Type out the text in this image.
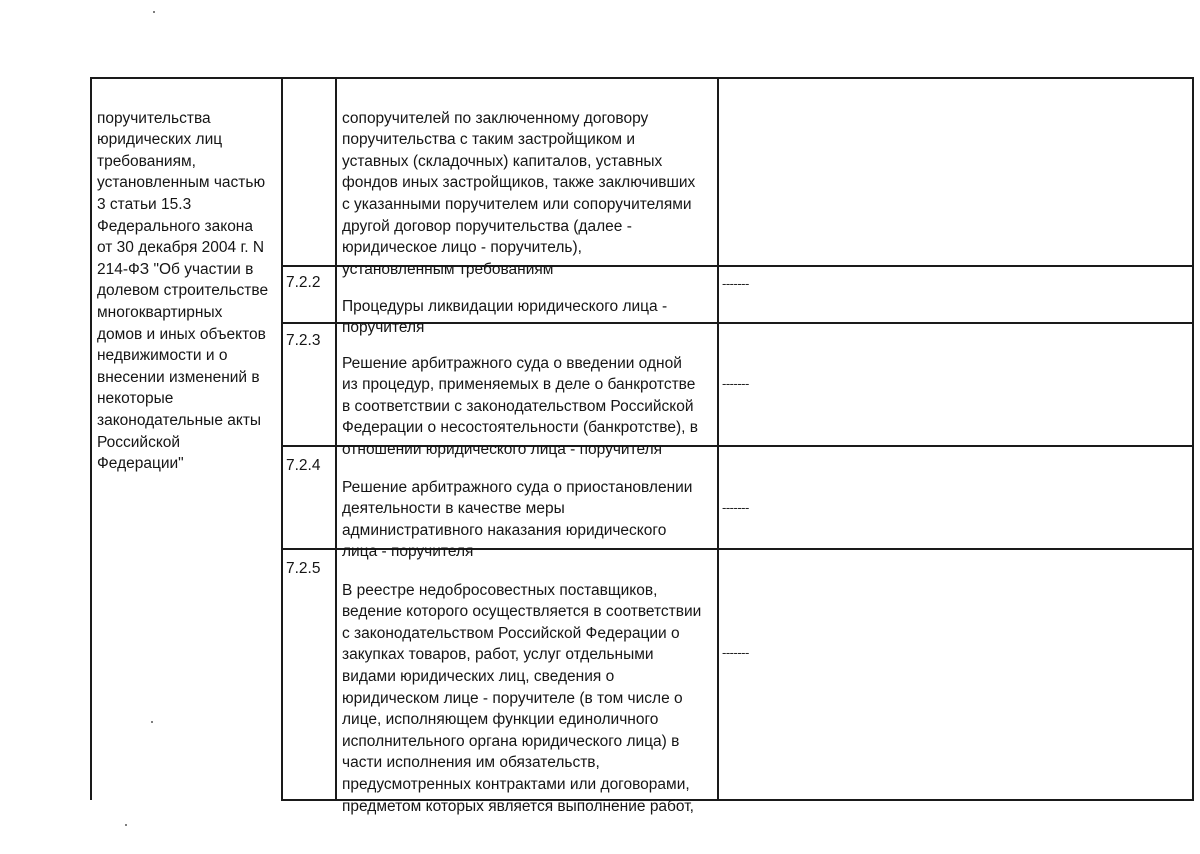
поручительства
юридических лиц
требованиям,
установленным частью
3 статьи 15.3
Федерального закона
от 30 декабря 2004 г. N
214-ФЗ "Об участии в
долевом строительстве
многоквартирных
домов и иных объектов
недвижимости и о
внесении изменений в
некоторые
законодательные акты
Российской
Федерации"

сопоручителей по заключенному договору
поручительства с таким застройщиком и
уставных (складочных) капиталов, уставных
фондов иных застройщиков, также заключивших
с указанными поручителем или сопоручителями
другой договор поручительства (далее -
юридическое лицо - поручитель),
установленным требованиям

7.2.2

Процедуры ликвидации юридического лица -
поручителя

-------
7.2.3

Решение арбитражного суда о введении одной
из процедур, применяемых в деле о банкротстве
в соответствии с законодательством Российской
Федерации о несостоятельности (банкротстве), в
отношении юридического лица - поручителя

-------
7.2.4

Решение арбитражного суда о приостановлении
деятельности в качестве меры
административного наказания юридического
лица - поручителя

-------
7.2.5

В реестре недобросовестных поставщиков,
ведение которого осуществляется в соответствии
с законодательством Российской Федерации о
закупках товаров, работ, услуг отдельными
видами юридических лиц, сведения о
юридическом лице - поручителе (в том числе о
лице, исполняющем функции единоличного
исполнительного органа юридического лица) в
части исполнения им обязательств,
предусмотренных контрактами или договорами,
предметом которых является выполнение работ,

-------
